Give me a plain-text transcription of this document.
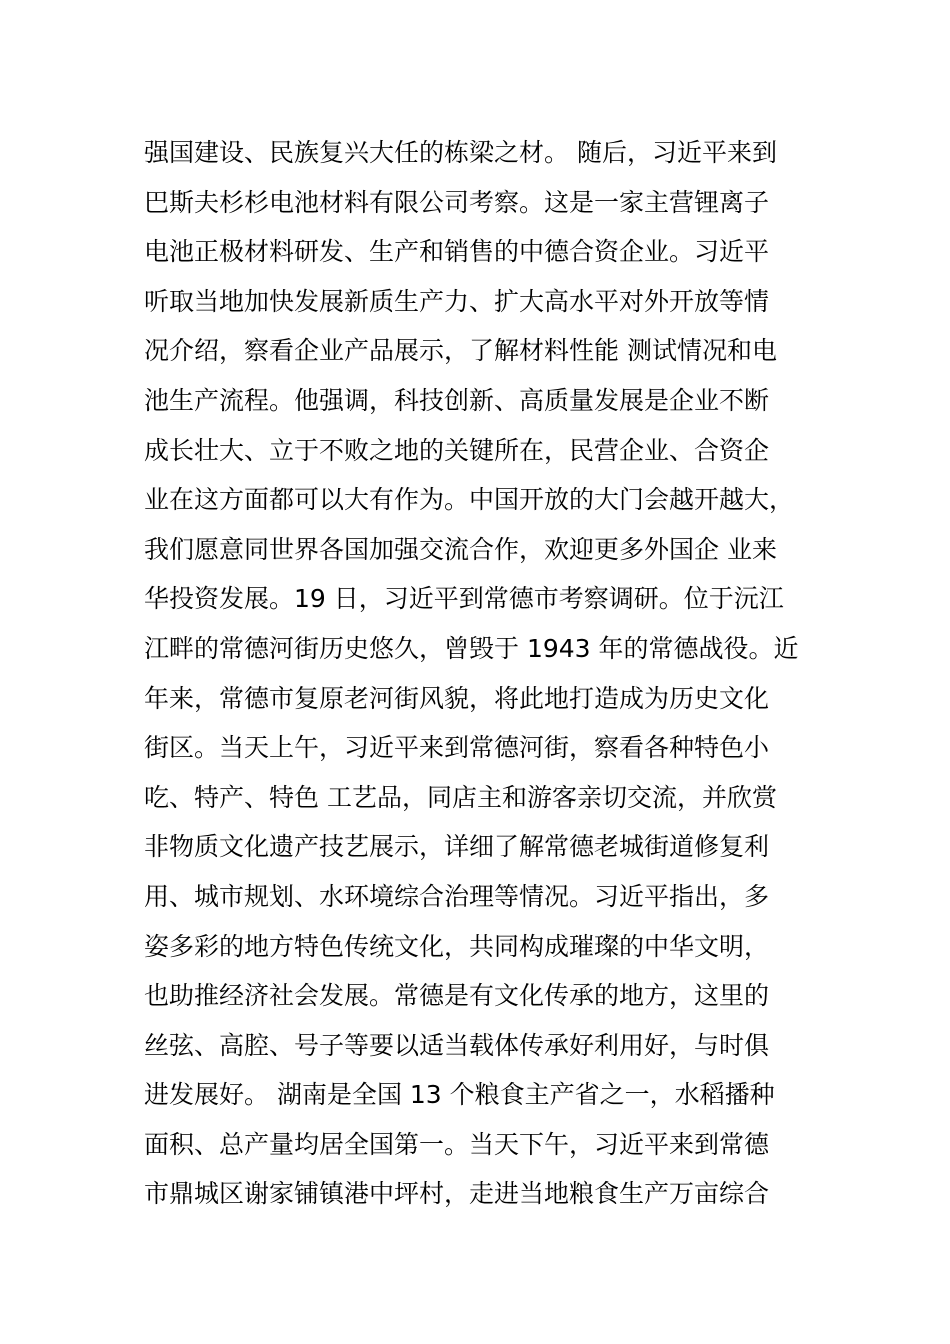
强国建设、民族复兴大任的栋梁之材。 随后，习近平来到
巴斯夫杉杉电池材料有限公司考察。这是一家主营锂离子
电池正极材料研发、生产和销售的中德合资企业。习近平
听取当地加快发展新质生产力、扩大高水平对外开放等情
况介绍，察看企业产品展示，了解材料性能 测试情况和电
池生产流程。他强调，科技创新、高质量发展是企业不断
成长壮大、立于不败之地的关键所在，民营企业、合资企
业在这方面都可以大有作为。中国开放的大门会越开越大，
我们愿意同世界各国加强交流合作，欢迎更多外国企 业来
华投资发展。19 日，习近平到常德市考察调研。位于沅江
江畔的常德河街历史悠久，曾毁于 1943 年的常德战役。近
年来，常德市复原老河街风貌，将此地打造成为历史文化
街区。当天上午，习近平来到常德河街，察看各种特色小
吃、特产、特色 工艺品，同店主和游客亲切交流，并欣赏
非物质文化遗产技艺展示，详细了解常德老城街道修复利
用、城市规划、水环境综合治理等情况。习近平指出，多
姿多彩的地方特色传统文化，共同构成璀璨的中华文明，
也助推经济社会发展。常德是有文化传承的地方，这里的
丝弦、高腔、号子等要以适当载体传承好利用好，与时俱
进发展好。 湖南是全国 13 个粮食主产省之一，水稻播种
面积、总产量均居全国第一。当天下午，习近平来到常德
市鼎城区谢家铺镇港中坪村，走进当地粮食生产万亩综合
